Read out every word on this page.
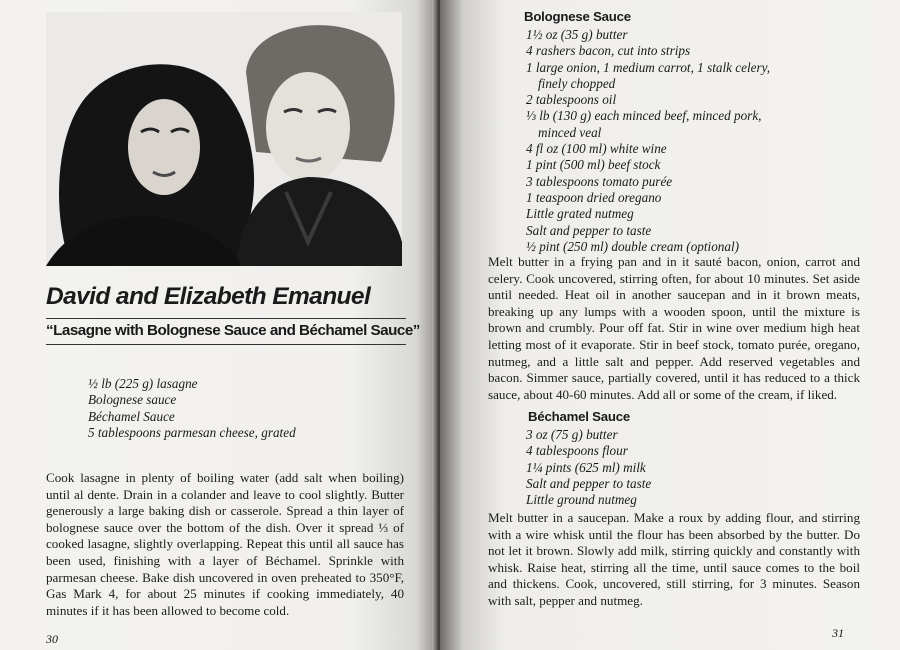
David and Elizabeth Emanuel
“Lasagne with Bolognese Sauce and Béchamel Sauce”
½ lb (225 g) lasagne
Bolognese sauce
Béchamel Sauce
5 tablespoons parmesan cheese, grated

Cook lasagne in plenty of boiling water (add salt when boiling) until al dente. Drain in a colander and leave to cool slightly. Butter generously a large baking dish or casserole. Spread a thin layer of bolognese sauce over the bottom of the dish. Over it spread ⅓ of cooked lasagne, slightly overlapping. Repeat this until all sauce has been used, finishing with a layer of Béchamel. Sprinkle with parmesan cheese. Bake dish uncovered in oven preheated to 350°F, Gas Mark 4, for about 25 minutes if cooking immediately, 40 minutes if it has been allowed to become cold.

30
Bolognese Sauce
1½ oz (35 g) butter
4 rashers bacon, cut into strips
1 large onion, 1 medium carrot, 1 stalk celery,
finely chopped
2 tablespoons oil
⅓ lb (130 g) each minced beef, minced pork,
minced veal
4 fl oz (100 ml) white wine
1 pint (500 ml) beef stock
3 tablespoons tomato purée
1 teaspoon dried oregano
Little grated nutmeg
Salt and pepper to taste
½ pint (250 ml) double cream (optional)

Melt butter in a frying pan and in it sauté bacon, onion, carrot and celery. Cook uncovered, stirring often, for about 10 minutes. Set aside until needed. Heat oil in another saucepan and in it brown meats, breaking up any lumps with a wooden spoon, until the mixture is brown and crumbly. Pour off fat. Stir in wine over medium high heat letting most of it evaporate. Stir in beef stock, tomato purée, oregano, nutmeg, and a little salt and pepper. Add reserved vegetables and bacon. Simmer sauce, partially covered, until it has reduced to a thick sauce, about 40-60 minutes. Add all or some of the cream, if liked.

Béchamel Sauce
3 oz (75 g) butter
4 tablespoons flour
1¼ pints (625 ml) milk
Salt and pepper to taste
Little ground nutmeg

Melt butter in a saucepan. Make a roux by adding flour, and stirring with a wire whisk until the flour has been absorbed by the butter. Do not let it brown. Slowly add milk, stirring quickly and constantly with whisk. Raise heat, stirring all the time, until sauce comes to the boil and thickens. Cook, uncovered, still stirring, for 3 minutes. Season with salt, pepper and nutmeg.

31
